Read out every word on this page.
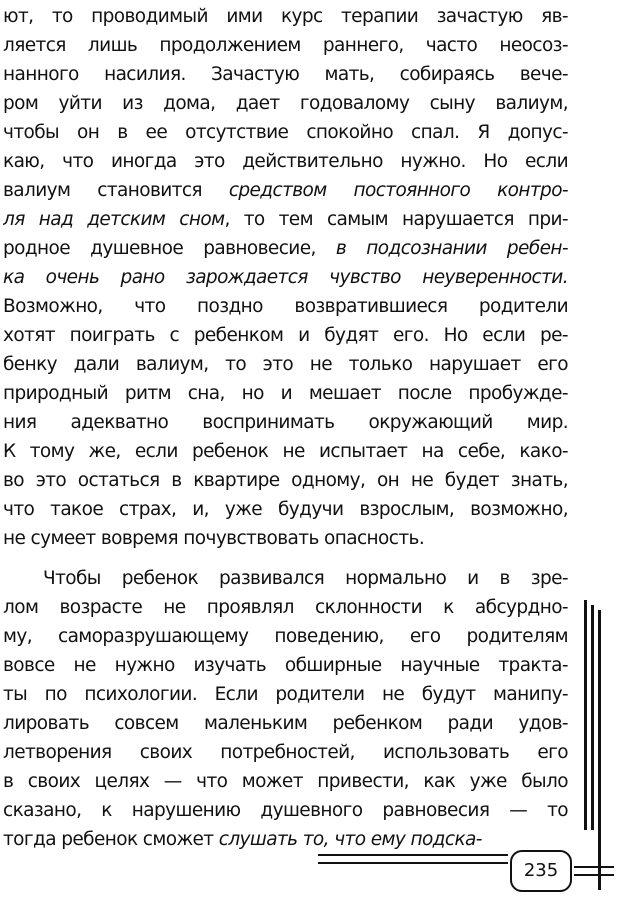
ют, то проводимый ими курс терапии зачастую яв-
ляется лишь продолжением раннего, часто неосоз-
нанного насилия. Зачастую мать, собираясь вече-
ром уйти из дома, дает годовалому сыну валиум,
чтобы он в ее отсутствие спокойно спал. Я допус-
каю, что иногда это действительно нужно. Но если
валиум становится средством постоянного контро-
ля над детским сном, то тем самым нарушается при-
родное душевное равновесие, в подсознании ребен-
ка очень рано зарождается чувство неуверенности.
Возможно, что поздно возвратившиеся родители
хотят поиграть с ребенком и будят его. Но если ре-
бенку дали валиум, то это не только нарушает его
природный ритм сна, но и мешает после пробужде-
ния адекватно воспринимать окружающий мир.
К тому же, если ребенок не испытает на себе, како-
во это остаться в квартире одному, он не будет знать,
что такое страх, и, уже будучи взрослым, возможно,
не сумеет вовремя почувствовать опасность.
Чтобы ребенок развивался нормально и в зре-
лом возрасте не проявлял склонности к абсурдно-
му, саморазрушающему поведению, его родителям
вовсе не нужно изучать обширные научные тракта-
ты по психологии. Если родители не будут манипу-
лировать совсем маленьким ребенком ради удов-
летворения своих потребностей, использовать его
в своих целях — что может привести, как уже было
сказано, к нарушению душевного равновесия — то
тогда ребенок сможет слушать то, что ему подска-
235
